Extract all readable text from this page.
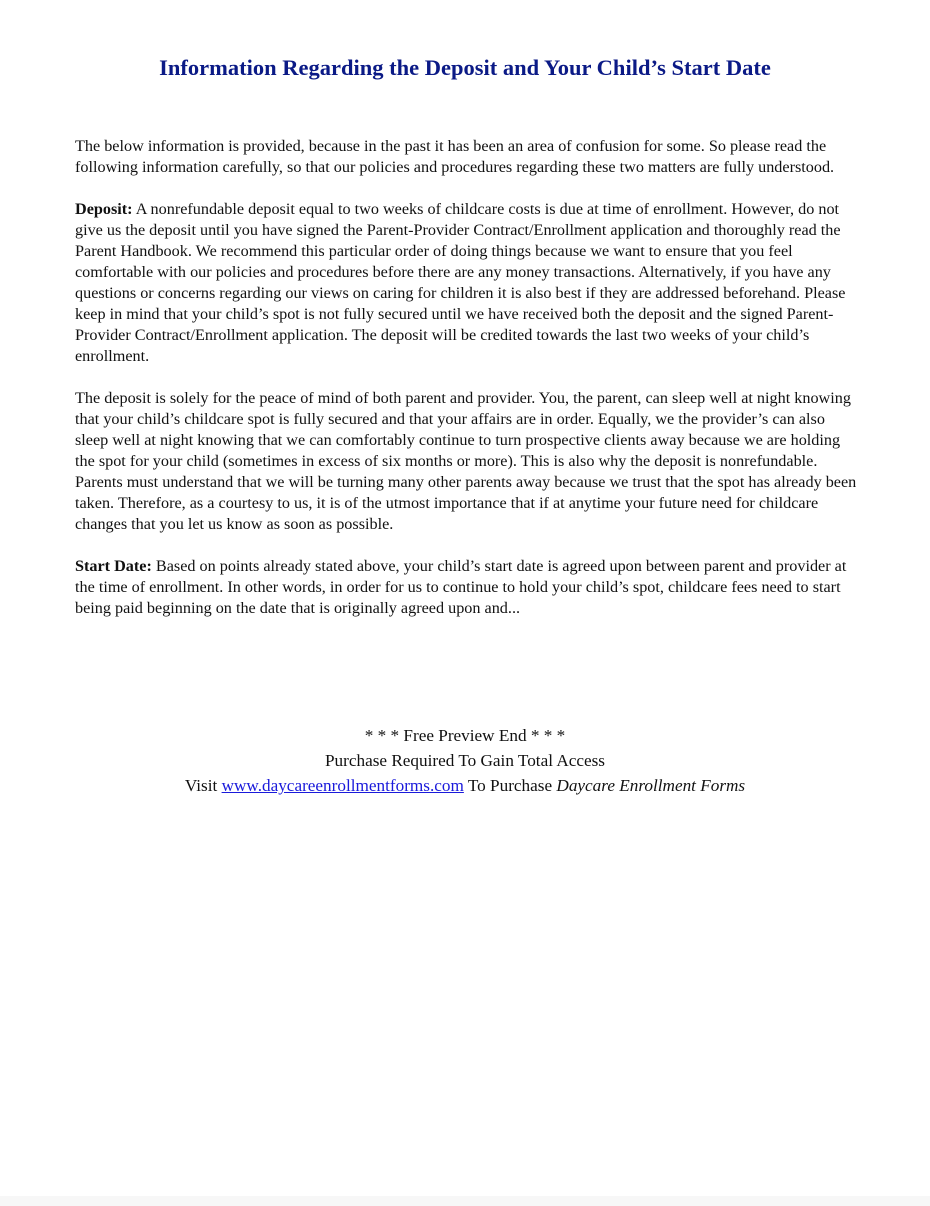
Information Regarding the Deposit and Your Child’s Start Date

The below information is provided, because in the past it has been an area of confusion for some. So please read the following information carefully, so that our policies and procedures regarding these two matters are fully understood.

Deposit: A nonrefundable deposit equal to two weeks of childcare costs is due at time of enrollment. However, do not give us the deposit until you have signed the Parent-Provider Contract/Enrollment application and thoroughly read the Parent Handbook. We recommend this particular order of doing things because we want to ensure that you feel comfortable with our policies and procedures before there are any money transactions. Alternatively, if you have any questions or concerns regarding our views on caring for children it is also best if they are addressed beforehand. Please keep in mind that your child’s spot is not fully secured until we have received both the deposit and the signed Parent-Provider Contract/Enrollment application. The deposit will be credited towards the last two weeks of your child’s enrollment.

The deposit is solely for the peace of mind of both parent and provider. You, the parent, can sleep well at night knowing that your child’s childcare spot is fully secured and that your affairs are in order. Equally, we the provider’s can also sleep well at night knowing that we can comfortably continue to turn prospective clients away because we are holding the spot for your child (sometimes in excess of six months or more). This is also why the deposit is nonrefundable. Parents must understand that we will be turning many other parents away because we trust that the spot has already been taken. Therefore, as a courtesy to us, it is of the utmost importance that if at anytime your future need for childcare changes that you let us know as soon as possible.

Start Date: Based on points already stated above, your child’s start date is agreed upon between parent and provider at the time of enrollment. In other words, in order for us to continue to hold your child’s spot, childcare fees need to start being paid beginning on the date that is originally agreed upon and...

* * * Free Preview End * * *
Purchase Required To Gain Total Access
Visit www.daycareenrollmentforms.com To Purchase Daycare Enrollment Forms
